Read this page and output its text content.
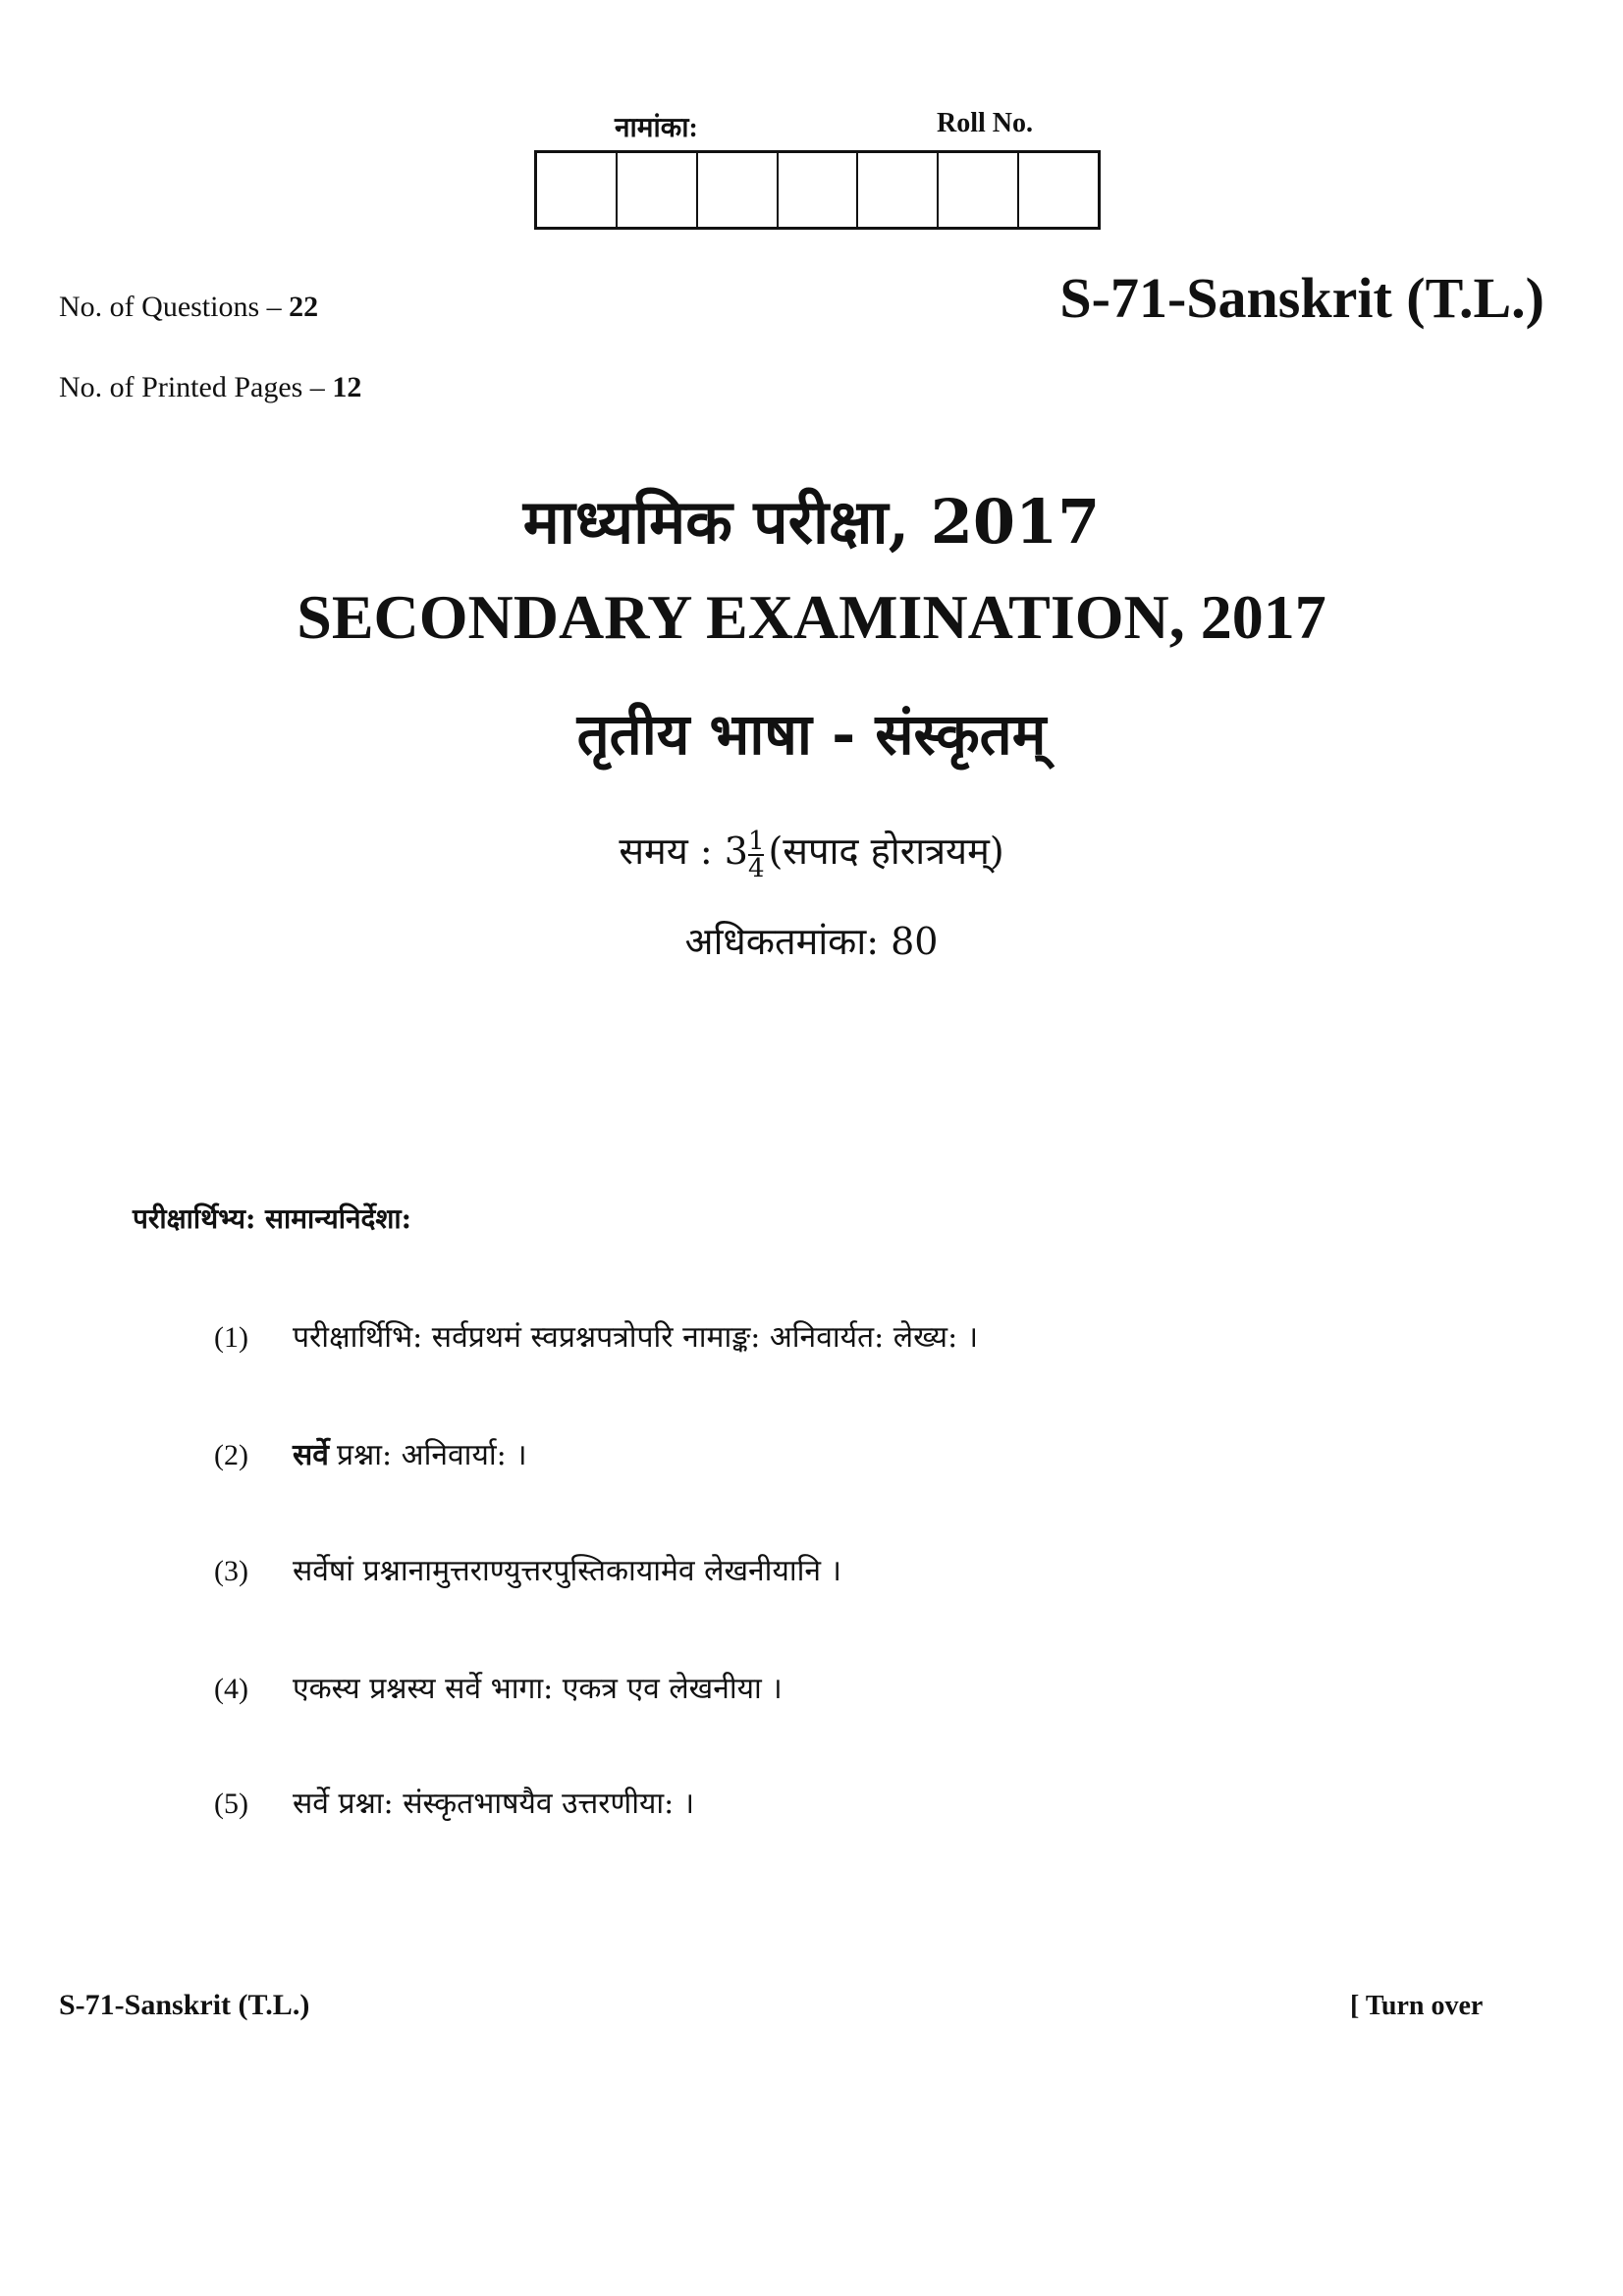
नामांका:	Roll No.
No. of Questions – 22	S-71-Sanskrit (T.L.)
No. of Printed Pages – 12
माध्यमिक परीक्षा, 2017
SECONDARY EXAMINATION, 2017
तृतीय भाषा - संस्कृतम्
समय : $3 \frac{1}{4}$ (सपाद होरात्रयम्)
अधिकतमांका: 80
परीक्षार्थिभ्य: सामान्यनिर्देशा:
(1)	परीक्षार्थिभि: सर्वप्रथमं स्वप्रश्नपत्रोपरि नामाङ्क: अनिवार्यत: लेख्य: ।
(2)	सर्वे प्रश्ना: अनिवार्या: ।
(3)	सर्वेषां प्रश्नानामुत्तराण्युत्तरपुस्तिकायामेव लेखनीयानि ।
(4)	एकस्य प्रश्नस्य सर्वे भागा: एकत्र एव लेखनीया ।
(5)	सर्वे प्रश्ना: संस्कृतभाषयैव उत्तरणीया: ।
S-71-Sanskrit (T.L.)	[ Turn over
